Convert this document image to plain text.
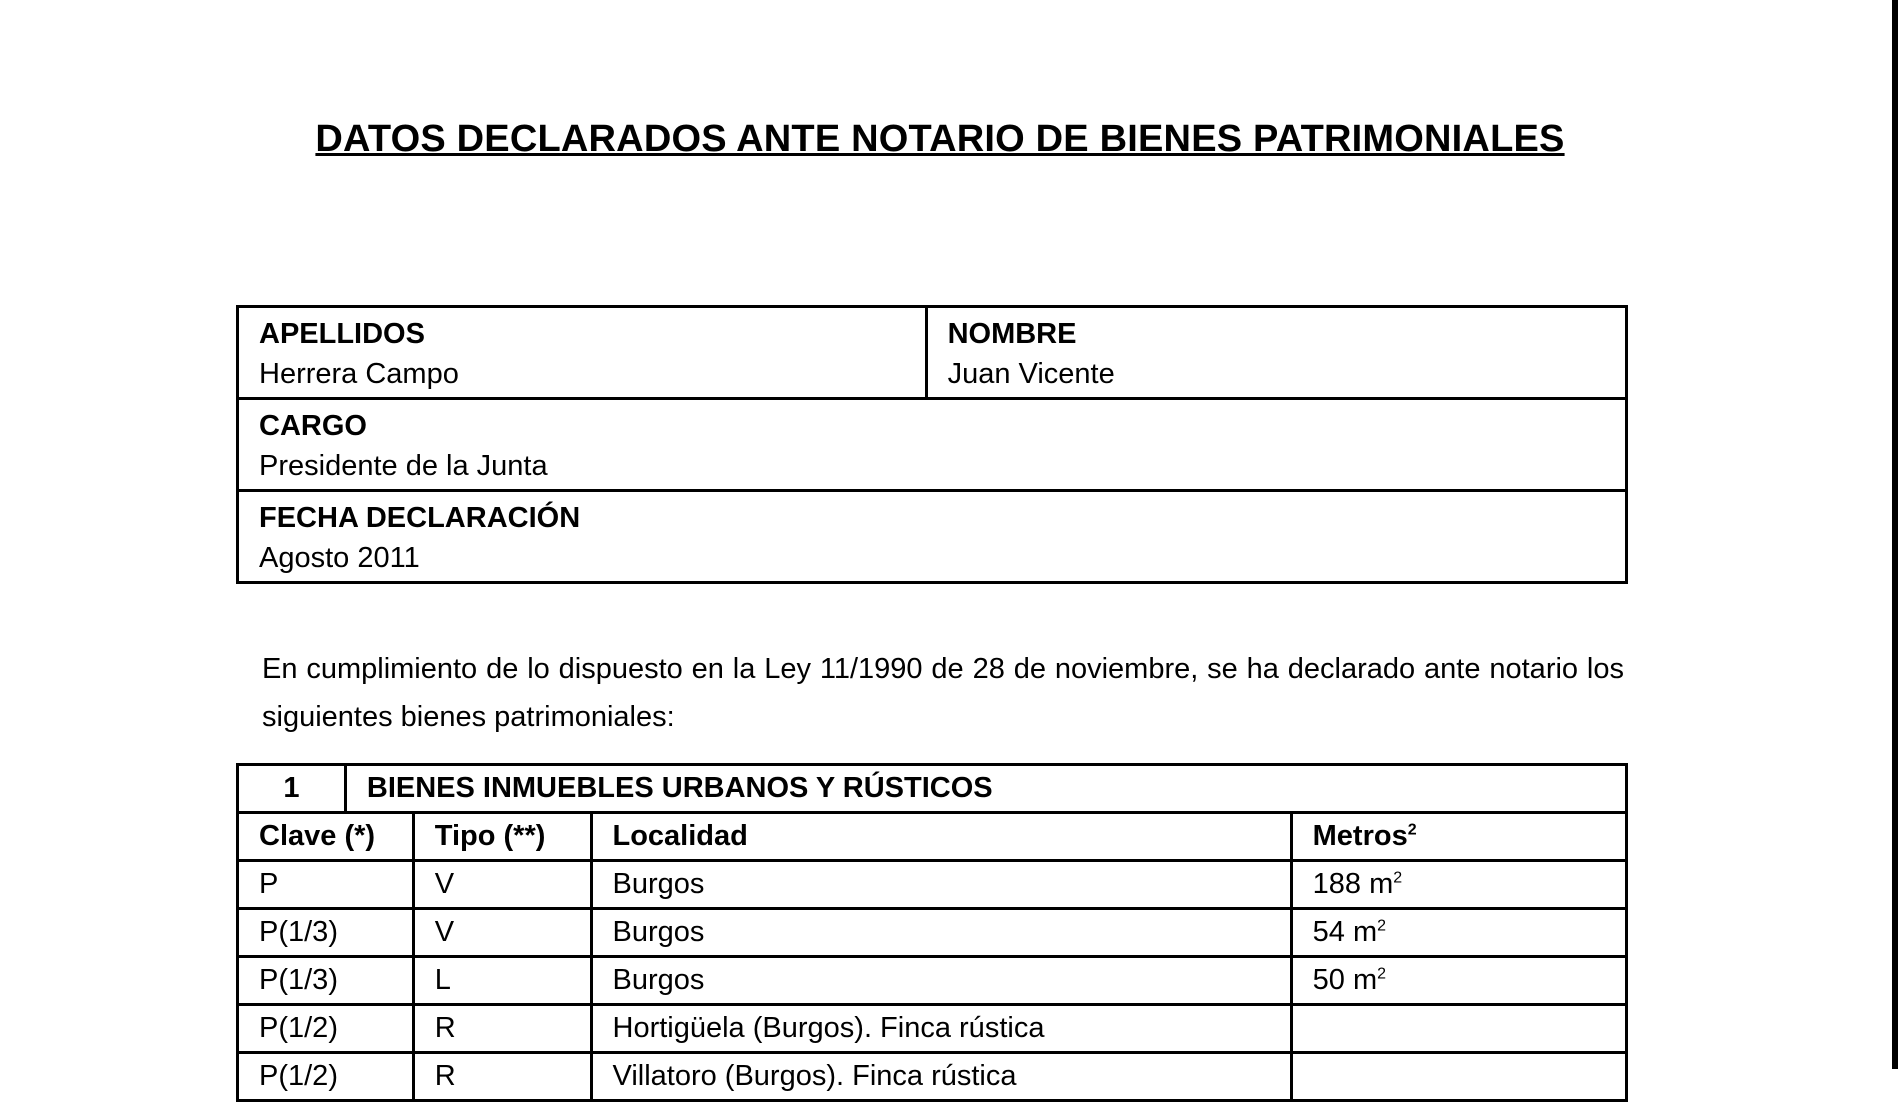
DATOS DECLARADOS ANTE NOTARIO DE BIENES PATRIMONIALES
APELLIDOS
Herrera Campo

NOMBRE
Juan Vicente

CARGO
Presidente de la Junta

FECHA DECLARACIÓN
Agosto 2011

En cumplimiento de lo dispuesto en la Ley 11/1990 de 28 de noviembre, se ha declarado ante notario los siguientes bienes patrimoniales:

1	BIENES INMUEBLES URBANOS Y RÚSTICOS			
Clave (*)		Tipo (**)	Localidad	Metros$^2$
P		V	Burgos	188 $m^2$
P(1/3)		V	Burgos	54 $m^2$
P(1/3)		L	Burgos	50 $m^2$
P(1/2)		R	Hortigüela (Burgos). Finca rústica	
P(1/2)		R	Villatoro (Burgos). Finca rústica	
